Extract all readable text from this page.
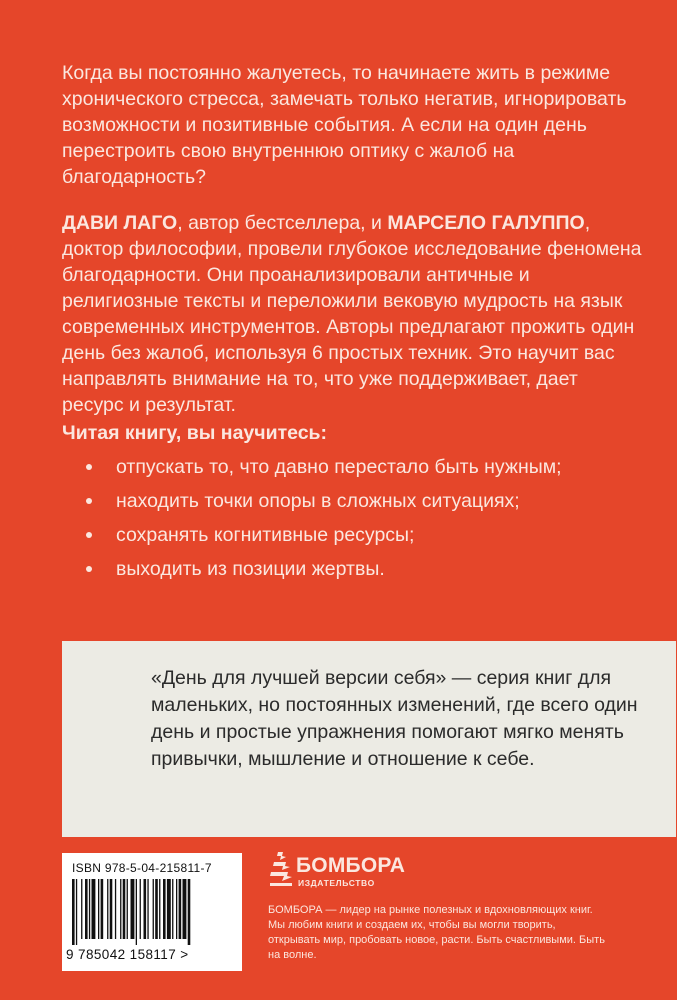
Когда вы постоянно жалуетесь, то начинаете жить в режиме хронического стресса, замечать только негатив, игнорировать возможности и позитивные события. А если на один день перестроить свою внутреннюю оптику с жалоб на благодарность?

ДАВИ ЛАГО, автор бестселлера, и МАРСЕЛО ГАЛУППО, доктор философии, провели глубокое исследование феномена благодарности. Они проанализировали античные и религиозные тексты и переложили вековую мудрость на язык современных инструментов. Авторы предлагают прожить один день без жалоб, используя 6 простых техник. Это научит вас направлять внимание на то, что уже поддерживает, дает ресурс и результат.

Читая книгу, вы научитесь:
отпускать то, что давно перестало быть нужным;
находить точки опоры в сложных ситуациях;
сохранять когнитивные ресурсы;
выходить из позиции жертвы.
«День для лучшей версии себя» — серия книг для маленьких, но постоянных изменений, где всего один день и простые упражнения помогают мягко менять привычки, мышление и отношение к себе.
ISBN 978-5-04-215811-7
9 785042 158117 >
БОМБОРА
ИЗДАТЕЛЬСТВО
БОМБОРА — лидер на рынке полезных и вдохновляющих книг. Мы любим книги и создаем их, чтобы вы могли творить, открывать мир, пробовать новое, расти. Быть счастливыми. Быть на волне.
